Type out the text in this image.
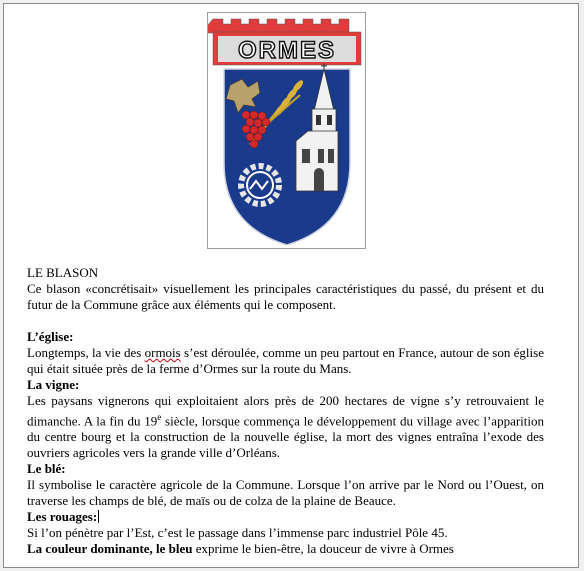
ORMES

LE BLASON

Ce blason «concrétisait» visuellement les principales caractéristiques du passé, du présent et du futur de la Commune grâce aux éléments qui le composent.

L’église:

Longtemps, la vie des ormois s’est déroulée, comme un peu partout en France, autour de son église qui était située près de la ferme d’Ormes sur la route du Mans.

La vigne:

Les paysans vignerons qui exploitaient alors près de 200 hectares de vigne s’y retrouvaient le dimanche. A la fin du 19e siècle, lorsque commença le développement du village avec l’apparition du centre bourg et la construction de la nouvelle église, la mort des vignes entraîna l’exode des ouvriers agricoles vers la grande ville d’Orléans.

Le blé:

Il symbolise le caractère agricole de la Commune. Lorsque l’on arrive par le Nord ou l’Ouest, on traverse les champs de blé, de maïs ou de colza de la plaine de Beauce.

Les rouages:

Si l’on pénètre par l’Est, c’est le passage dans l’immense parc industriel Pôle 45.

La couleur dominante, le bleu exprime le bien-être, la douceur de vivre à Ormes
